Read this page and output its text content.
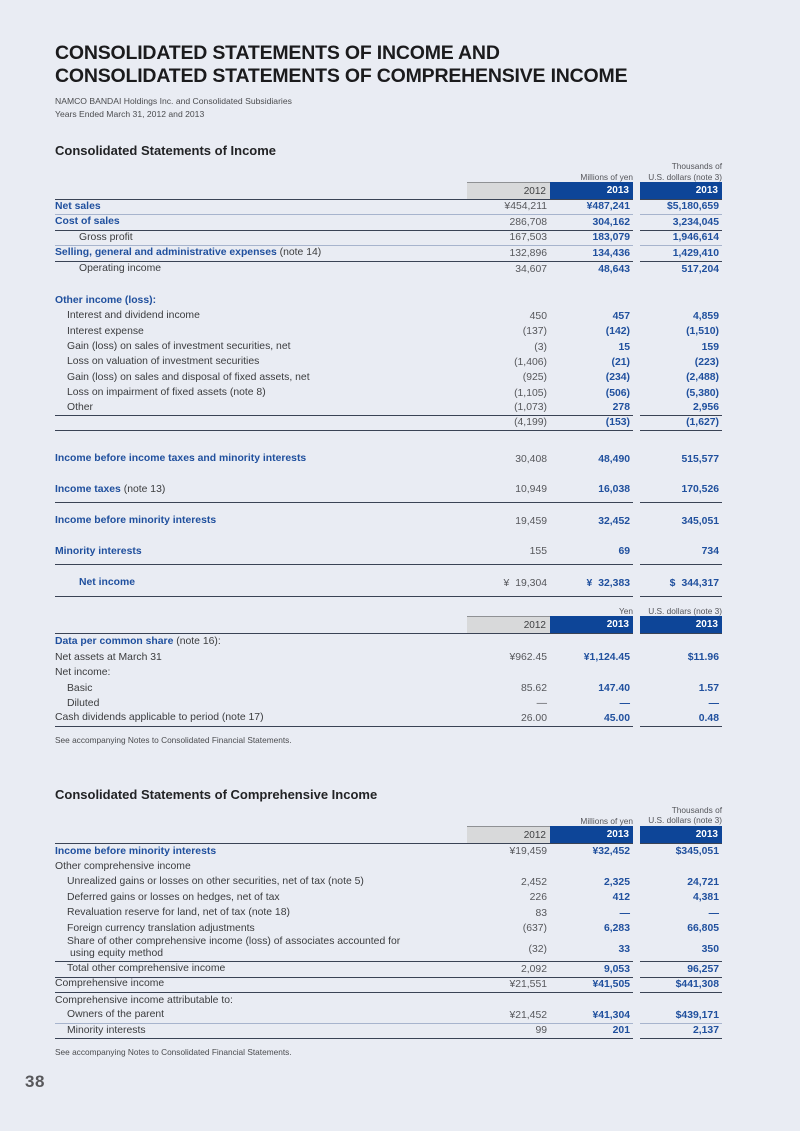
CONSOLIDATED STATEMENTS OF INCOME AND
CONSOLIDATED STATEMENTS OF COMPREHENSIVE INCOME
NAMCO BANDAI Holdings Inc. and Consolidated Subsidiaries
Years Ended March 31, 2012 and 2013
Consolidated Statements of Income
Millions of yen
Thousands of
U.S. dollars (note 3)
2012	2013	2013
Net sales	¥454,211	¥487,241	$5,180,659
Cost of sales	286,708	304,162	3,234,045
Gross profit	167,503	183,079	1,946,614
Selling, general and administrative expenses (note 14)	132,896	134,436	1,429,410
Operating income	34,607	48,643	517,204
Other income (loss):
Interest and dividend income	450	457	4,859
Interest expense	(137)	(142)	(1,510)
Gain (loss) on sales of investment securities, net	(3)	15	159
Loss on valuation of investment securities	(1,406)	(21)	(223)
Gain (loss) on sales and disposal of fixed assets, net	(925)	(234)	(2,488)
Loss on impairment of fixed assets (note 8)	(1,105)	(506)	(5,380)
Other	(1,073)	278	2,956
(4,199)	(153)	(1,627)
Income before income taxes and minority interests	30,408	48,490	515,577
Income taxes (note 13)	10,949	16,038	170,526
Income before minority interests	19,459	32,452	345,051
Minority interests	155	69	734
Net income	¥ 19,304	¥ 32,383	$ 344,317
Yen	U.S. dollars (note 3)
2012	2013	2013
Data per common share (note 16):
Net assets at March 31	¥962.45	¥1,124.45	$11.96
Net income:
Basic	85.62	147.40	1.57
Diluted	—	—	—
Cash dividends applicable to period (note 17)	26.00	45.00	0.48
See accompanying Notes to Consolidated Financial Statements.
Consolidated Statements of Comprehensive Income
Millions of yen
Thousands of
U.S. dollars (note 3)
2012	2013	2013
Income before minority interests	¥19,459	¥32,452	$345,051
Other comprehensive income
Unrealized gains or losses on other securities, net of tax (note 5)	2,452	2,325	24,721
Deferred gains or losses on hedges, net of tax	226	412	4,381
Revaluation reserve for land, net of tax (note 18)	83	—	—
Foreign currency translation adjustments	(637)	6,283	66,805
Share of other comprehensive income (loss) of associates accounted for
using equity method	(32)	33	350
Total other comprehensive income	2,092	9,053	96,257
Comprehensive income	¥21,551	¥41,505	$441,308
Comprehensive income attributable to:
Owners of the parent	¥21,452	¥41,304	$439,171
Minority interests	99	201	2,137
See accompanying Notes to Consolidated Financial Statements.
38
